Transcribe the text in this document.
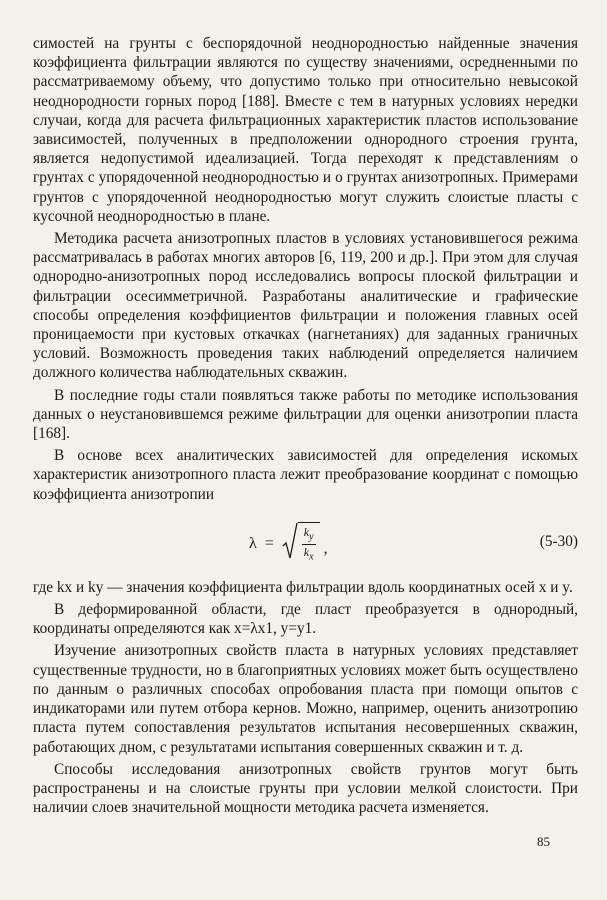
симостей на грунты с беспорядочной неоднородностью найденные значения коэффициента фильтрации являются по существу значениями, осредненными по рассматриваемому объему, что допустимо только при относительно невысокой неоднородности горных пород [188]. Вместе с тем в натурных условиях нередки случаи, когда для расчета фильтрационных характеристик пластов использование зависимостей, полученных в предположении однородного строения грунта, является недопустимой идеализацией. Тогда переходят к представлениям о грунтах с упорядоченной неоднородностью и о грунтах анизотропных. Примерами грунтов с упорядоченной неоднородностью могут служить слоистые пласты с кусочной неоднородностью в плане.

Методика расчета анизотропных пластов в условиях установившегося режима рассматривалась в работах многих авторов [6, 119, 200 и др.]. При этом для случая однородно-анизотропных пород исследовались вопросы плоской фильтрации и фильтрации осесимметричной. Разработаны аналитические и графические способы определения коэффициентов фильтрации и положения главных осей проницаемости при кустовых откачках (нагнетаниях) для заданных граничных условий. Возможность проведения таких наблюдений определяется наличием должного количества наблюдательных скважин.

В последние годы стали появляться также работы по методике использования данных о неустановившемся режиме фильтрации для оценки анизотропии пласта [168].

В основе всех аналитических зависимостей для определения искомых характеристик анизотропного пласта лежит преобразование координат с помощью коэффициента анизотропии

$\lambda = \frac{k_y}{k_x}$ ,	(5-30)

где kx и ky — значения коэффициента фильтрации вдоль координатных осей x и y.

В деформированной области, где пласт преобразуется в однородный, координаты определяются как x=λx1, y=y1.

Изучение анизотропных свойств пласта в натурных условиях представляет существенные трудности, но в благоприятных условиях может быть осуществлено по данным о различных способах опробования пласта при помощи опытов с индикаторами или путем отбора кернов. Можно, например, оценить анизотропию пласта путем сопоставления результатов испытания несовершенных скважин, работающих дном, с результатами испытания совершенных скважин и т. д.

Способы исследования анизотропных свойств грунтов могут быть распространены и на слоистые грунты при условии мелкой слоистости. При наличии слоев значительной мощности методика расчета изменяется.

85
